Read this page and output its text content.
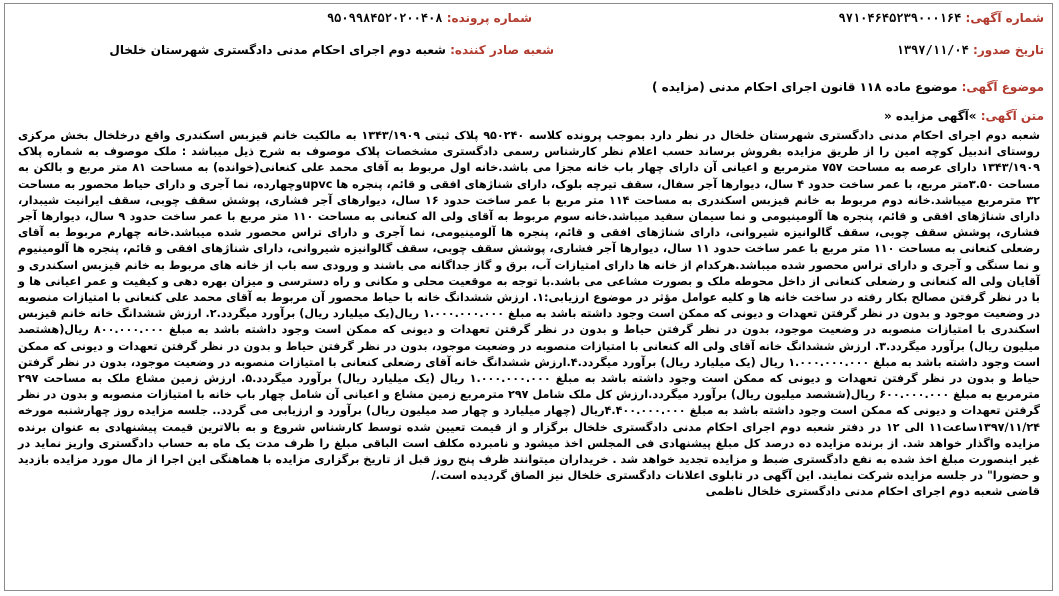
شماره آگهی: ۹۷۱۰۴۶۴۵۲۳۹۰۰۰۱۶۴
شماره پرونده: ۹۵۰۹۹۸۴۵۲۰۲۰۰۴۰۸
تاریخ صدور: ۱۳۹۷/۱۱/۰۴
شعبه صادر کننده: شعبه دوم اجرای احکام مدنی دادگستری شهرستان خلخال
موضوع آگهی: موضوع ماده ۱۱۸ قانون اجرای احکام مدنی (مزایده )
متن آگهی: »آگهی مزایده «
شعبه دوم اجرای احکام مدنی دادگستری شهرستان خلخال در نظر دارد بموجب پرونده کلاسه ۹۵۰۲۴۰ پلاک ثبتی ۱۳۴۳/۱۹۰۹ به مالکیت خانم قیزبس اسکندری واقع درخلخال بخش مرکزی روستای اندبیل کوچه امین را از طریق مزایده بفروش برساند حسب اعلام نظر کارشناس رسمی دادگستری مشخصات پلاک موصوف به شرح ذیل میباشد : ملک موصوف به شماره پلاک ۱۳۴۳/۱۹۰۹ دارای عرصه به مساحت ۷۵۷ مترمربع و اعیانی آن دارای چهار باب خانه مجزا می باشد.خانه اول مربوط به آقای محمد علی کنعانی(خوانده) به مساحت ۸۱ متر مربع و بالکن به مساحت ۳.۵۰متر مربع، با عمر ساخت حدود ۴ سال، دیوارها آجر سفال، سقف تیرچه بلوک، دارای شناژهای افقی و قائم، پنجره ها upvcوچهارده، نما آجری و دارای حیاط محصور به مساحت ۳۲ مترمربع میباشد.خانه دوم مربوط به خانم قیزبس اسکندری به مساحت ۱۱۴ متر مربع با عمر ساخت حدود ۱۶ سال، دیوارهای آجر فشاری، پوشش سقف چوبی، سقف ایرانیت شیبدار، دارای شناژهای افقی و قائم، پنجره ها آلومینیومی و نما سیمان سفید میباشد.خانه سوم مربوط به آقای ولی اله کنعانی به مساحت ۱۱۰ متر مربع با عمر ساخت حدود ۹ سال، دیوارها آجر فشاری، پوشش سقف چوبی، سقف گالوانیزه شیروانی، دارای شناژهای افقی و قائم، پنجره ها آلومینیومی، نما آجری و دارای تراس محصور شده میباشد.خانه چهارم مربوط به آقای رضعلی کنعانی به مساحت ۱۱۰ متر مربع با عمر ساخت حدود ۱۱ سال، دیوارها آجر فشاری، پوشش سقف چوبی، سقف گالوانیزه شیروانی، دارای شناژهای افقی و قائم، پنجره ها آلومینیوم و نما سنگی و آجری و دارای تراس محصور شده میباشد.هرکدام از خانه ها دارای امتیازات آب، برق و گاز جداگانه می باشند و ورودی سه باب از خانه های مربوط به خانم قیزبس اسکندری و آقایان ولی اله کنعانی و رضعلی کنعانی از داخل محوطه ملک و بصورت مشاعی می باشد.با توجه به موقعیت محلی و مکانی و راه دسترسی و میزان بهره دهی و کیفیت و عمر اعیانی ها و با در نظر گرفتن مصالح بکار رفته در ساخت خانه ها و کلیه عوامل مؤثر در موضوع ارزیابی:۱. ارزش ششدانگ خانه با حیاط محصور آن مربوط به آقای محمد علی کنعانی با امتیازات منصوبه در وضعیت موجود و بدون در نظر گرفتن تعهدات و دیونی که ممکن است وجود داشته باشد به مبلغ ۱.۰۰۰.۰۰۰.۰۰۰ ریال(یک میلیارد ریال) برآورد میگردد.۲. ارزش ششدانگ خانه خانم قیزبس اسکندری با امتیازات منصوبه در وضعیت موجود، بدون در نظر گرفتن حیاط و بدون در نظر گرفتن تعهدات و دیونی که ممکن است وجود داشته باشد به مبلغ ۸۰۰.۰۰۰.۰۰۰ ریال(هشتصد میلیون ریال) برآورد میگردد.۳. ارزش ششدانگ خانه آقای ولی اله کنعانی با امتیازات منصوبه در وضعیت موجود، بدون در نظر گرفتن حیاط و بدون در نظر گرفتن تعهدات و دیونی که ممکن است وجود داشته باشد به مبلغ ۱.۰۰۰.۰۰۰.۰۰۰ ریال (یک میلیارد ریال) برآورد میگردد.۴.ارزش ششدانگ خانه آقای رضعلی کنعانی با امتیازات منصوبه در وضعیت موجود، بدون در نظر گرفتن حیاط و بدون در نظر گرفتن تعهدات و دیونی که ممکن است وجود داشته باشد به مبلغ ۱.۰۰۰.۰۰۰.۰۰۰ ریال (یک میلیارد ریال) برآورد میگردد.۵. ارزش زمین مشاع ملک به مساحت ۲۹۷ مترمربع به مبلغ ۶۰۰.۰۰۰.۰۰۰ ریال(ششصد میلیون ریال) برآورد میگردد.ارزش کل ملک شامل ۲۹۷ مترمربع زمین مشاع و اعیانی آن شامل چهار باب خانه با امتیازات منصوبه و بدون در نظر گرفتن تعهدات و دیونی که ممکن است وجود داشته باشد به مبلغ ۴.۴۰۰.۰۰۰.۰۰۰ریال (چهار میلیارد و چهار صد میلیون ریال) برآورد و ارزیابی می گردد.. جلسه مزایده روز چهارشنبه مورخه ۱۳۹۷/۱۱/۲۴ساعت۱۱ الی ۱۲ در دفتر شعبه دوم اجرای احکام مدنی دادگستری خلخال برگزار و از قیمت تعیین شده توسط کارشناس شروع و به بالاترین قیمت پیشنهادی به عنوان برنده مزایده واگذار خواهد شد. از برنده مزایده ده درصد کل مبلغ پیشنهادی فی المجلس اخذ میشود و نامبرده مکلف است الباقی مبلغ را ظرف مدت یک ماه به حساب دادگستری واریز نماید در غیر اینصورت مبلغ اخذ شده به نفع دادگستری ضبط و مزایده تجدید خواهد شد . خریداران میتوانند ظرف پنج روز قبل از تاریخ برگزاری مزایده با هماهنگی این اجرا از مال مورد مزایده بازدید و حضورا" در جلسه مزایده شرکت نمایند. این آگهی در تابلوی اعلانات دادگستری خلخال نیز الصاق گردیده است./
قاضی شعبه دوم اجرای احکام مدنی دادگستری خلخال ناظمی
